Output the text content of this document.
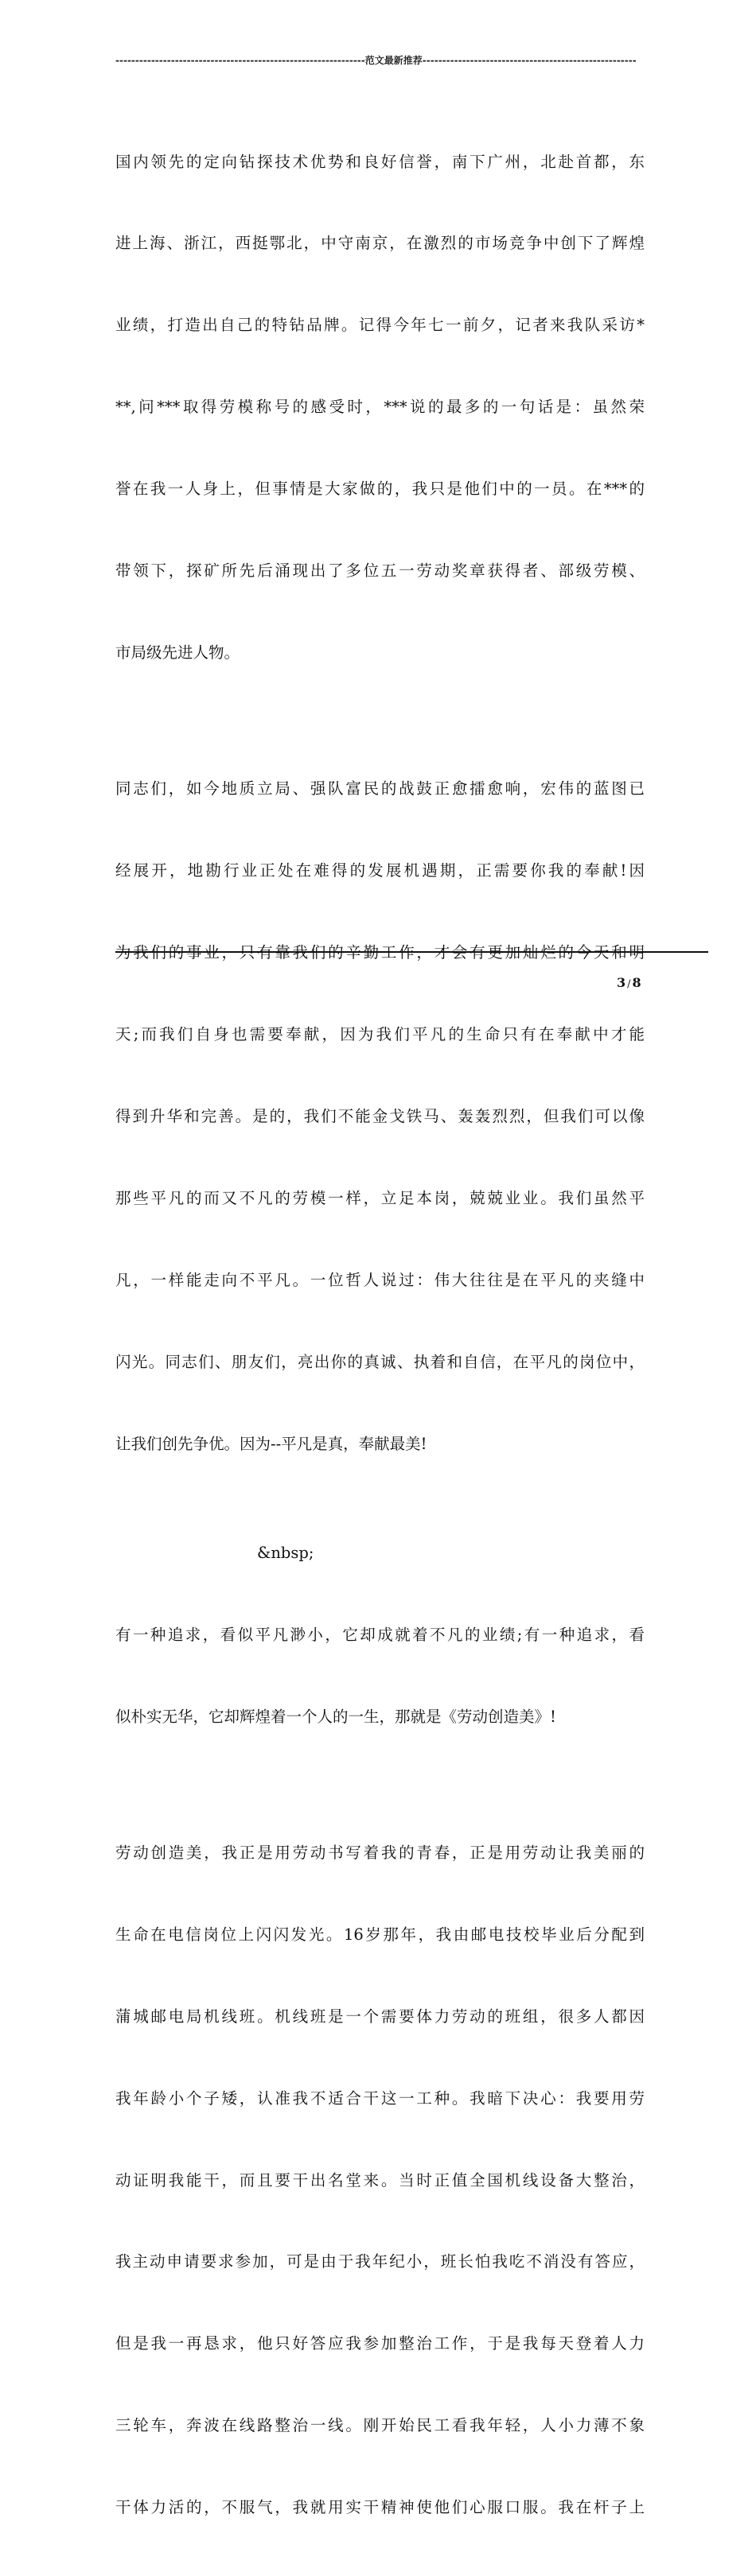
---------------------------------------------------------------范文最新推荐------------------------------------------------------

国内领先的定向钻探技术优势和良好信誉，南下广州，北赴首都，东

进上海、浙江，西挺鄂北，中守南京，在激烈的市场竞争中创下了辉煌

业绩，打造出自己的特钻品牌。记得今年七一前夕，记者来我队采访*

**,问***取得劳模称号的感受时，***说的最多的一句话是：虽然荣

誉在我一人身上，但事情是大家做的，我只是他们中的一员。在***的

带领下，探矿所先后涌现出了多位五一劳动奖章获得者、部级劳模、

市局级先进人物。

同志们，如今地质立局、强队富民的战鼓正愈擂愈响，宏伟的蓝图已

经展开，地勘行业正处在难得的发展机遇期，正需要你我的奉献!因

为我们的事业，只有靠我们的辛勤工作，才会有更加灿烂的今天和明

天;而我们自身也需要奉献，因为我们平凡的生命只有在奉献中才能

得到升华和完善。是的，我们不能金戈铁马、轰轰烈烈，但我们可以像

那些平凡的而又不凡的劳模一样，立足本岗，兢兢业业。我们虽然平

凡，一样能走向不平凡。一位哲人说过：伟大往往是在平凡的夹缝中

闪光。同志们、朋友们，亮出你的真诚、执着和自信，在平凡的岗位中，

让我们创先争优。因为--平凡是真，奉献最美!

&nbsp;

有一种追求，看似平凡渺小，它却成就着不凡的业绩;有一种追求，看

似朴实无华，它却辉煌着一个人的一生，那就是《劳动创造美》!

劳动创造美，我正是用劳动书写着我的青春，正是用劳动让我美丽的

生命在电信岗位上闪闪发光。16岁那年，我由邮电技校毕业后分配到

蒲城邮电局机线班。机线班是一个需要体力劳动的班组，很多人都因

我年龄小个子矮，认准我不适合干这一工种。我暗下决心：我要用劳

动证明我能干，而且要干出名堂来。当时正值全国机线设备大整治，

我主动申请要求参加，可是由于我年纪小，班长怕我吃不消没有答应，

但是我一再恳求，他只好答应我参加整治工作，于是我每天登着人力

三轮车，奔波在线路整治一线。刚开始民工看我年轻，人小力薄不象

干体力活的，不服气，我就用实干精神使他们心服口服。我在杆子上

3 / 8
